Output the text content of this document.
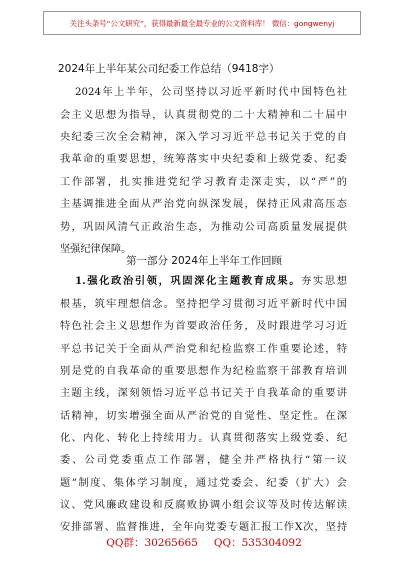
关注头条号“公文研究”，获得最新最全最专业的公文资料库！ 微信：gongwenyj
2024年上半年某公司纪委工作总结（9418字）
2024年上半年，公司坚持以习近平新时代中国特色社
会主义思想为指导，认真贯彻党的二十大精神和二十届中
央纪委三次全会精神，深入学习习近平总书记关于党的自
我革命的重要思想，统筹落实中央纪委和上级党委、纪委
工作部署，扎实推进党纪学习教育走深走实，以“严”的
主基调推进全面从严治党向纵深发展，保持正风肃高压态
势，巩固风清气正政治生态，为推动公司高质量发展提供
坚强纪律保障。
第一部分 2024年上半年工作回顾
1.强化政治引领，巩固深化主题教育成果。夯实思想
根基，筑牢理想信念。坚持把学习贯彻习近平新时代中国
特色社会主义思想作为首要政治任务，及时跟进学习习近
平总书记关于全面从严治党和纪检监察工作重要论述，特
别是党的自我革命的重要思想作为纪检监察干部教育培训
主题主线，深刻领悟习近平总书记关于自我革命的重要讲
话精神，切实增强全面从严治党的自觉性、坚定性。在深
化、内化、转化上持续用力。认真贯彻落实上级党委、纪
委、公司党委重点工作部署，健全并严格执行“第一议
题”制度、集体学习制度，通过党委会、纪委（扩大）会
议、党风廉政建设和反腐败协调小组会议等及时传达解读
安排部署、监督推进，全年向党委专题汇报工作X次，坚持
QQ群：30265665 QQ：535304092
